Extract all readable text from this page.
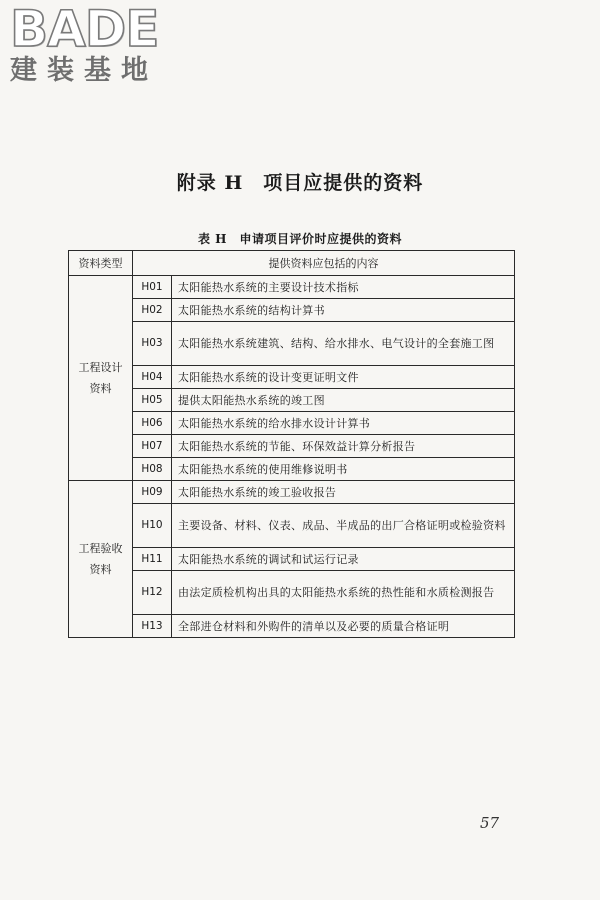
BADE
建装基地
附录 H　项目应提供的资料
表 H　申请项目评价时应提供的资料
资料类型	提供资料应包括的内容	
工程设计资料	H01	太阳能热水系统的主要设计技术指标
	H02	太阳能热水系统的结构计算书
	H03	太阳能热水系统建筑、结构、给水排水、电气设计的全套施工图
	H04	太阳能热水系统的设计变更证明文件
	H05	提供太阳能热水系统的竣工图
	H06	太阳能热水系统的给水排水设计计算书
	H07	太阳能热水系统的节能、环保效益计算分析报告
	H08	太阳能热水系统的使用维修说明书
工程验收资料	H09	太阳能热水系统的竣工验收报告
	H10	主要设备、材料、仪表、成品、半成品的出厂合格证明或检验资料
	H11	太阳能热水系统的调试和试运行记录
	H12	由法定质检机构出具的太阳能热水系统的热性能和水质检测报告
	H13	全部进仓材料和外购件的清单以及必要的质量合格证明
57
